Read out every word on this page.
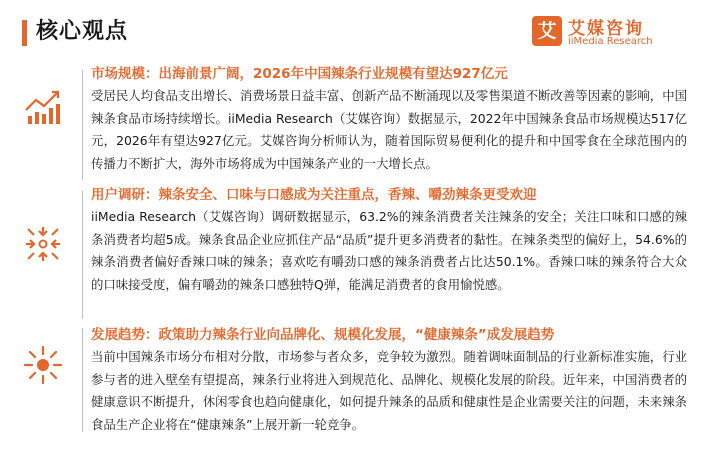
核心观点	艾 艾媒咨询
iiMedia Research
市场规模：出海前景广阔，2026年中国辣条行业规模有望达927亿元
受居民人均食品支出增长、消费场景日益丰富、创新产品不断涌现以及零售渠道不断改善等因素的影响，中国辣条食品市场持续增长。iiMedia Research（艾媒咨询）数据显示，2022年中国辣条食品市场规模达517亿元，2026年有望达927亿元。艾媒咨询分析师认为，随着国际贸易便利化的提升和中国零食在全球范围内的传播力不断扩大，海外市场将成为中国辣条产业的一大增长点。
用户调研：辣条安全、口味与口感成为关注重点，香辣、嚼劲辣条更受欢迎
iiMedia Research（艾媒咨询）调研数据显示，63.2%的辣条消费者关注辣条的安全；关注口味和口感的辣条消费者均超5成。辣条食品企业应抓住产品“品质”提升更多消费者的黏性。在辣条类型的偏好上，54.6%的辣条消费者偏好香辣口味的辣条；喜欢吃有嚼劲口感的辣条消费者占比达50.1%。香辣口味的辣条符合大众的口味接受度，偏有嚼劲的辣条口感独特Q弹，能满足消费者的食用愉悦感。
发展趋势：政策助力辣条行业向品牌化、规模化发展，“健康辣条”成发展趋势
当前中国辣条市场分布相对分散，市场参与者众多，竞争较为激烈。随着调味面制品的行业新标准实施，行业参与者的进入壁垒有望提高，辣条行业将进入到规范化、品牌化、规模化发展的阶段。近年来，中国消费者的健康意识不断提升，休闲零食也趋向健康化，如何提升辣条的品质和健康性是企业需要关注的问题，未来辣条食品生产企业将在“健康辣条”上展开新一轮竞争。
